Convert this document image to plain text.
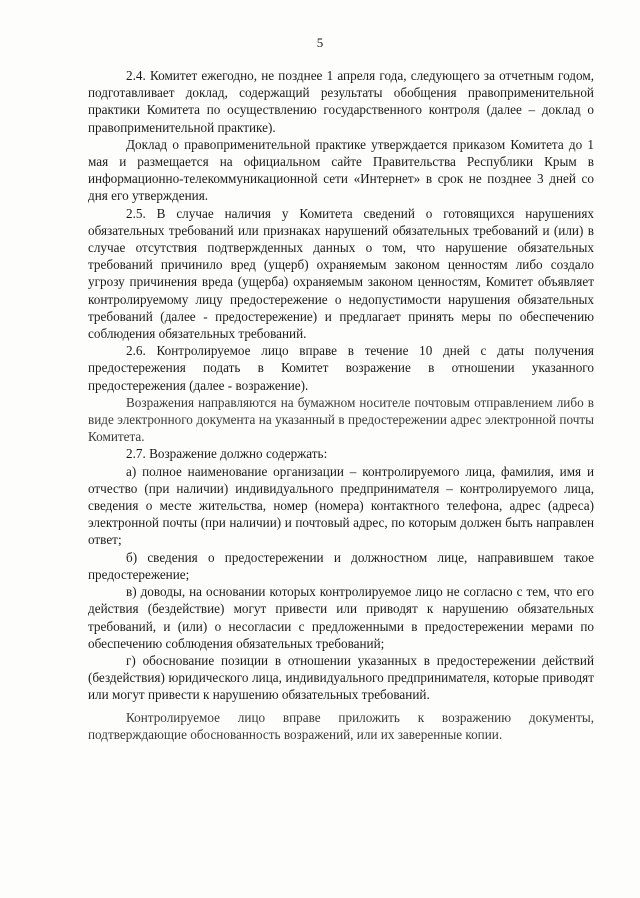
5

2.4. Комитет ежегодно, не позднее 1 апреля года, следующего за отчетным годом, подготавливает доклад, содержащий результаты обобщения правоприменительной практики Комитета по осуществлению государственного контроля (далее – доклад о правоприменительной практике).

Доклад о правоприменительной практике утверждается приказом Комитета до 1 мая и размещается на официальном сайте Правительства Республики Крым в информационно-телекоммуникационной сети «Интернет» в срок не позднее 3 дней со дня его утверждения.

2.5. В случае наличия у Комитета сведений о готовящихся нарушениях обязательных требований или признаках нарушений обязательных требований и (или) в случае отсутствия подтвержденных данных о том, что нарушение обязательных требований причинило вред (ущерб) охраняемым законом ценностям либо создало угрозу причинения вреда (ущерба) охраняемым законом ценностям, Комитет объявляет контролируемому лицу предостережение о недопустимости нарушения обязательных требований (далее - предостережение) и предлагает принять меры по обеспечению соблюдения обязательных требований.

2.6. Контролируемое лицо вправе в течение 10 дней с даты получения предостережения подать в Комитет возражение в отношении указанного предостережения (далее - возражение).

Возражения направляются на бумажном носителе почтовым отправлением либо в виде электронного документа на указанный в предостережении адрес электронной почты Комитета.

2.7. Возражение должно содержать:

а) полное наименование организации – контролируемого лица, фамилия, имя и отчество (при наличии) индивидуального предпринимателя – контролируемого лица, сведения о месте жительства, номер (номера) контактного телефона, адрес (адреса) электронной почты (при наличии) и почтовый адрес, по которым должен быть направлен ответ;

б) сведения о предостережении и должностном лице, направившем такое предостережение;

в) доводы, на основании которых контролируемое лицо не согласно с тем, что его действия (бездействие) могут привести или приводят к нарушению обязательных требований, и (или) о несогласии с предложенными в предостережении мерами по обеспечению соблюдения обязательных требований;

г) обоснование позиции в отношении указанных в предостережении действий (бездействия) юридического лица, индивидуального предпринимателя, которые приводят или могут привести к нарушению обязательных требований.

Контролируемое лицо вправе приложить к возражению документы, подтверждающие обоснованность возражений, или их заверенные копии.
